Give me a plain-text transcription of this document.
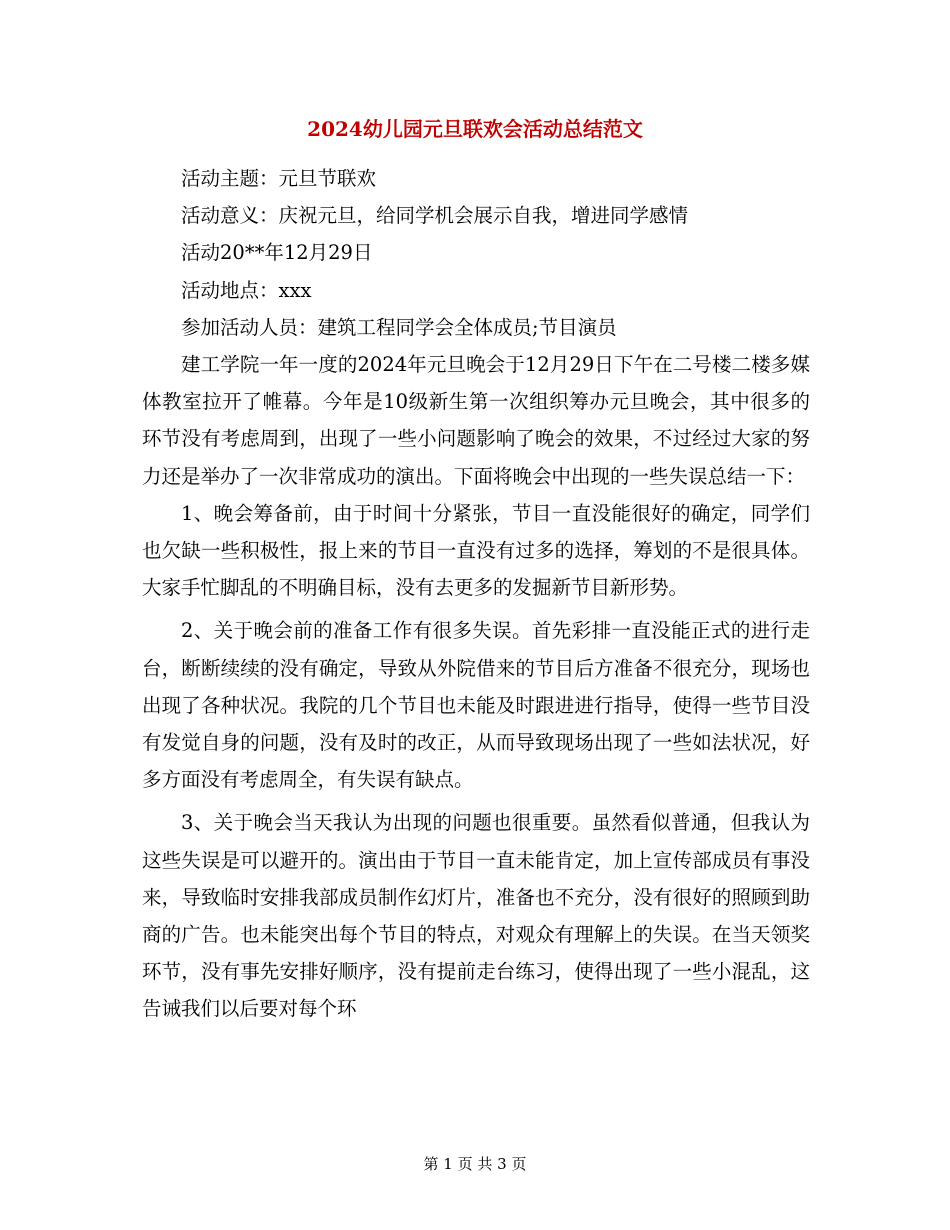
2024幼儿园元旦联欢会活动总结范文

活动主题：元旦节联欢

活动意义：庆祝元旦，给同学机会展示自我，增进同学感情

活动20**年12月29日

活动地点：xxx

参加活动人员：建筑工程同学会全体成员;节目演员

建工学院一年一度的2024年元旦晚会于12月29日下午在二号楼二楼多媒体教室拉开了帷幕。今年是10级新生第一次组织筹办元旦晚会，其中很多的环节没有考虑周到，出现了一些小问题影响了晚会的效果，不过经过大家的努力还是举办了一次非常成功的演出。下面将晚会中出现的一些失误总结一下：

1、晚会筹备前，由于时间十分紧张，节目一直没能很好的确定，同学们也欠缺一些积极性，报上来的节目一直没有过多的选择，筹划的不是很具体。大家手忙脚乱的不明确目标，没有去更多的发掘新节目新形势。

2、关于晚会前的准备工作有很多失误。首先彩排一直没能正式的进行走台，断断续续的没有确定，导致从外院借来的节目后方准备不很充分，现场也出现了各种状况。我院的几个节目也未能及时跟进进行指导，使得一些节目没有发觉自身的问题，没有及时的改正，从而导致现场出现了一些如法状况，好多方面没有考虑周全，有失误有缺点。

3、关于晚会当天我认为出现的问题也很重要。虽然看似普通，但我认为这些失误是可以避开的。演出由于节目一直未能肯定，加上宣传部成员有事没来，导致临时安排我部成员制作幻灯片，准备也不充分，没有很好的照顾到助商的广告。也未能突出每个节目的特点，对观众有理解上的失误。在当天领奖环节，没有事先安排好顺序，没有提前走台练习，使得出现了一些小混乱，这告诫我们以后要对每个环

第 1 页 共 3 页
